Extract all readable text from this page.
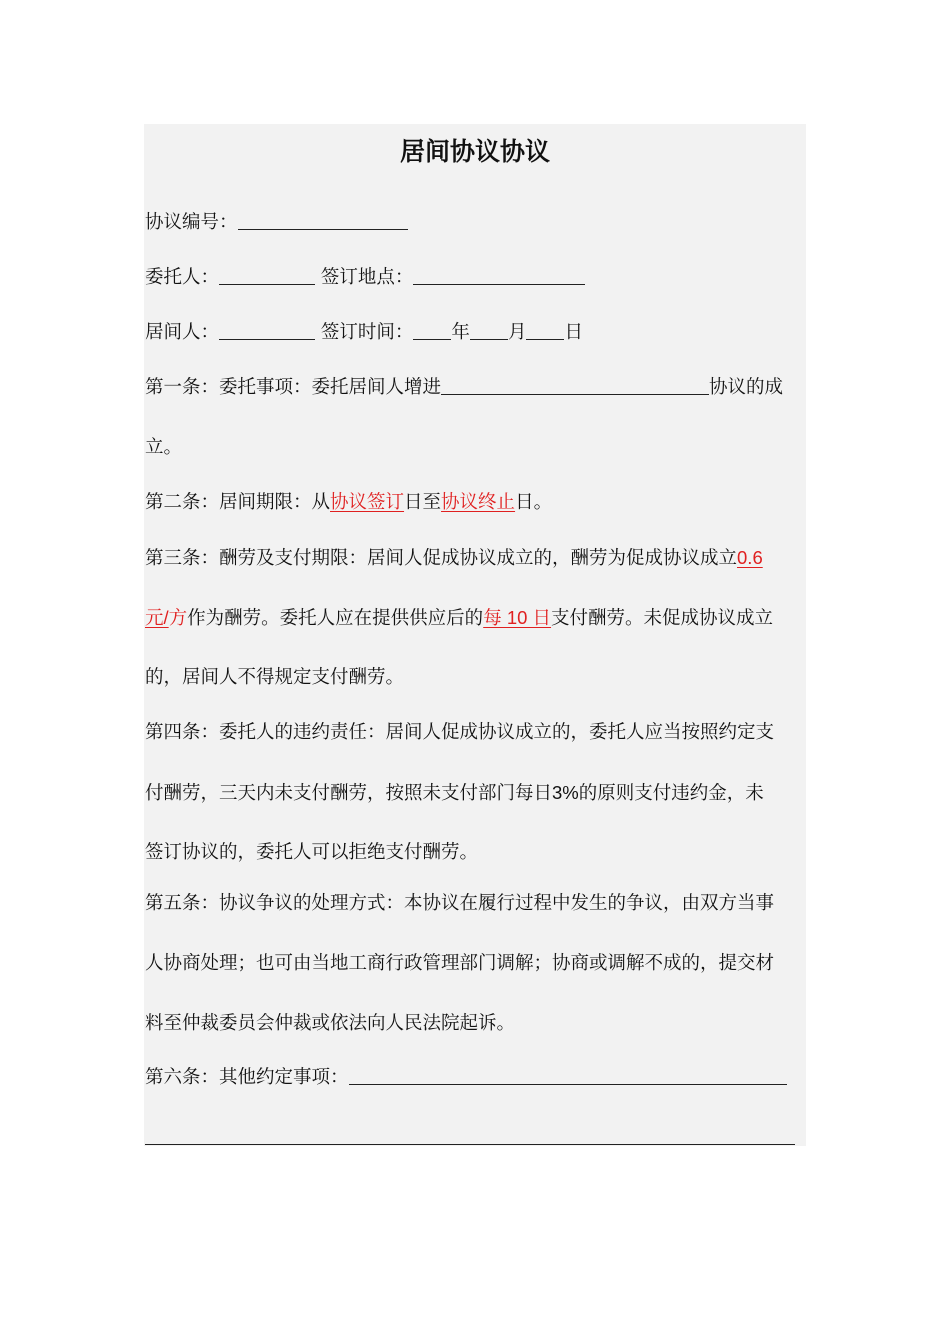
居间协议协议
协议编号：
委托人：	签订地点：
居间人：	签订时间： 年 月 日
第一条：委托事项：委托居间人增进	协议的成
立。
第二条：居间期限：从协议签订日至协议终止日。
第三条：酬劳及支付期限：居间人促成协议成立的，酬劳为促成协议成立0.6
元/方作为酬劳。委托人应在提供供应后的每 10 日支付酬劳。未促成协议成立
的，居间人不得规定支付酬劳。
第四条：委托人的违约责任：居间人促成协议成立的，委托人应当按照约定支
付酬劳，三天内未支付酬劳，按照未支付部门每日3%的原则支付违约金，未
签订协议的，委托人可以拒绝支付酬劳。
第五条：协议争议的处理方式：本协议在履行过程中发生的争议，由双方当事
人协商处理；也可由当地工商行政管理部门调解；协商或调解不成的，提交材
料至仲裁委员会仲裁或依法向人民法院起诉。
第六条：其他约定事项：
